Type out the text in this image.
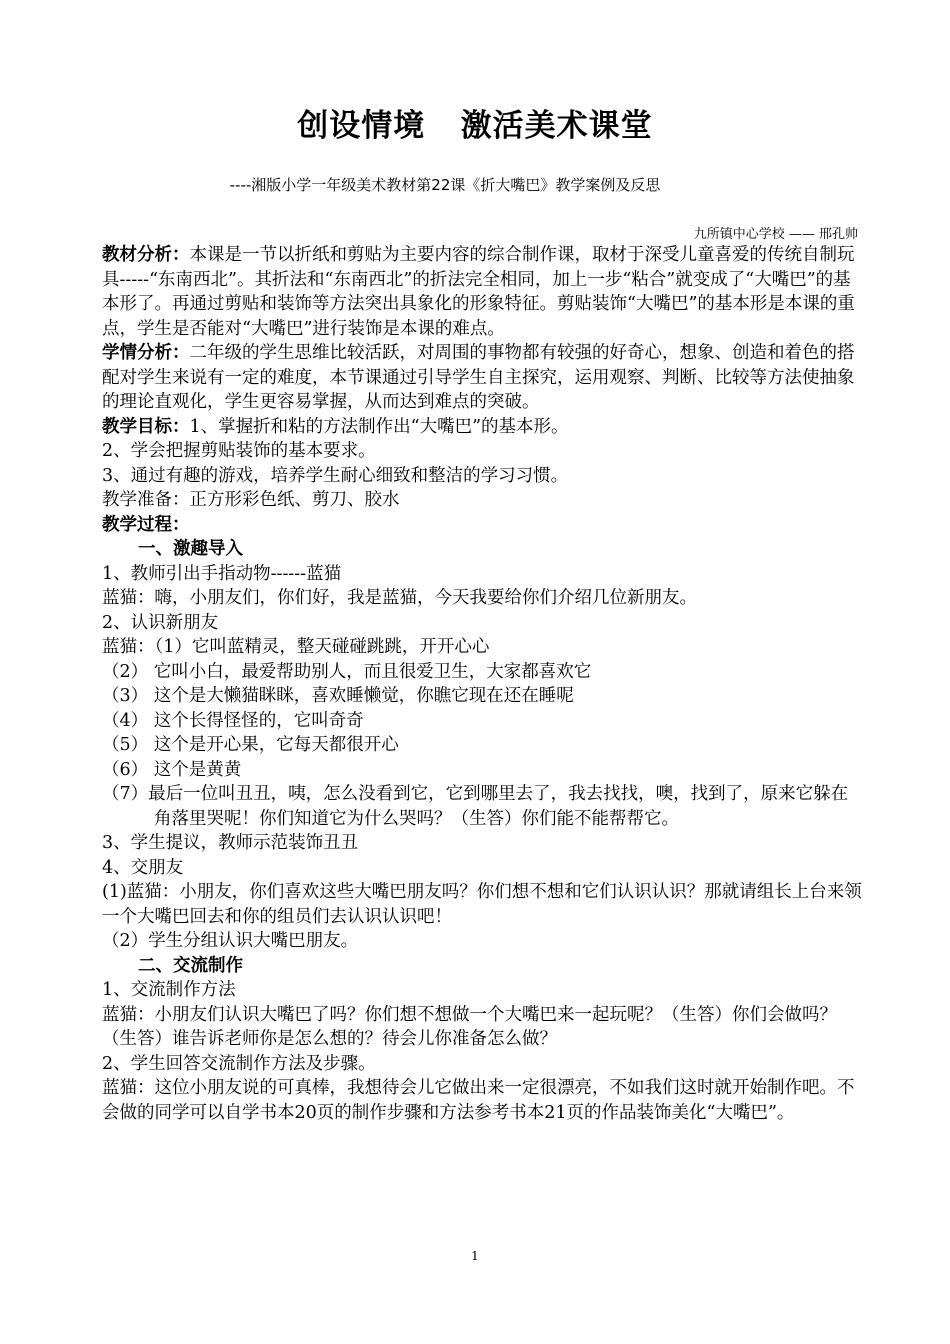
创设情境   激活美术课堂
----湘版小学一年级美术教材第22课《折大嘴巴》教学案例及反思
九所镇中心学校 —— 邢孔帅

教材分析：本课是一节以折纸和剪贴为主要内容的综合制作课，取材于深受儿童喜爱的传统自制玩具-----“东南西北”。其折法和“东南西北”的折法完全相同，加上一步“粘合”就变成了“大嘴巴”的基本形了。再通过剪贴和装饰等方法突出具象化的形象特征。剪贴装饰“大嘴巴”的基本形是本课的重点，学生是否能对“大嘴巴”进行装饰是本课的难点。

学情分析：二年级的学生思维比较活跃，对周围的事物都有较强的好奇心，想象、创造和着色的搭配对学生来说有一定的难度，本节课通过引导学生自主探究，运用观察、判断、比较等方法使抽象的理论直观化，学生更容易掌握，从而达到难点的突破。

教学目标：1、掌握折和粘的方法制作出“大嘴巴”的基本形。

2、学会把握剪贴装饰的基本要求。

3、通过有趣的游戏，培养学生耐心细致和整洁的学习习惯。

教学准备：正方形彩色纸、剪刀、胶水

教学过程：

一、激趣导入

1、教师引出手指动物------蓝猫

蓝猫：嗨，小朋友们，你们好，我是蓝猫，今天我要给你们介绍几位新朋友。

2、认识新朋友

蓝猫：（1）它叫蓝精灵，整天碰碰跳跳，开开心心

（2） 它叫小白，最爱帮助别人，而且很爱卫生，大家都喜欢它

（3） 这个是大懒猫眯眯，喜欢睡懒觉，你瞧它现在还在睡呢

（4） 这个长得怪怪的，它叫奇奇

（5） 这个是开心果，它每天都很开心

（6） 这个是黄黄

（7）最后一位叫丑丑，咦，怎么没看到它，它到哪里去了，我去找找，噢，找到了，原来它躲在角落里哭呢！你们知道它为什么哭吗？（生答）你们能不能帮帮它。

3、学生提议，教师示范装饰丑丑

4、交朋友

(1)蓝猫：小朋友，你们喜欢这些大嘴巴朋友吗？你们想不想和它们认识认识？那就请组长上台来领一个大嘴巴回去和你的组员们去认识认识吧！

（2）学生分组认识大嘴巴朋友。

二、交流制作

1、交流制作方法

蓝猫：小朋友们认识大嘴巴了吗？你们想不想做一个大嘴巴来一起玩呢？（生答）你们会做吗？（生答）谁告诉老师你是怎么想的？待会儿你准备怎么做？

2、学生回答交流制作方法及步骤。

蓝猫：这位小朋友说的可真棒，我想待会儿它做出来一定很漂亮，不如我们这时就开始制作吧。不会做的同学可以自学书本20页的制作步骤和方法参考书本21页的作品装饰美化“大嘴巴”。

1
